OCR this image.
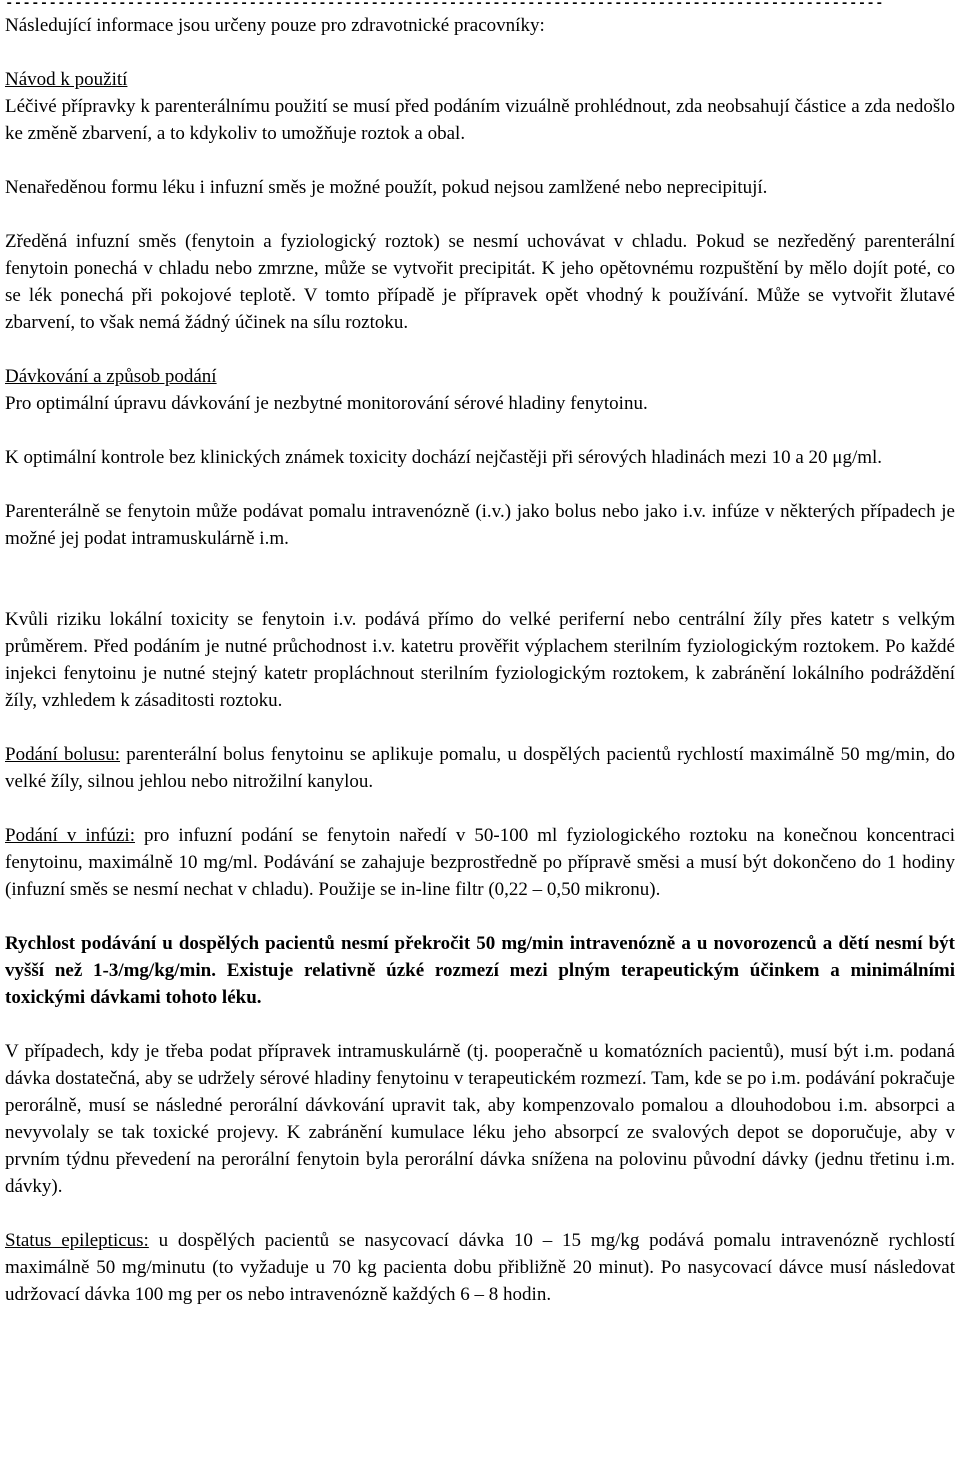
Následující informace jsou určeny pouze pro zdravotnické pracovníky:

Návod k použití

Léčivé přípravky k parenterálnímu použití se musí před podáním vizuálně prohlédnout, zda neobsahují částice a zda nedošlo ke změně zbarvení, a to kdykoliv to umožňuje roztok a obal.

Nenaředěnou formu léku i infuzní směs je možné použít, pokud nejsou zamlžené nebo neprecipitují.

Zředěná infuzní směs (fenytoin a fyziologický roztok) se nesmí uchovávat v chladu. Pokud se nezředěný parenterální fenytoin ponechá v chladu nebo zmrzne, může se vytvořit precipitát. K jeho opětovnému rozpuštění by mělo dojít poté, co se lék ponechá při pokojové teplotě. V tomto případě je přípravek opět vhodný k používání. Může se vytvořit žlutavé zbarvení, to však nemá žádný účinek na sílu roztoku.

Dávkování a způsob podání

Pro optimální úpravu dávkování je nezbytné monitorování sérové hladiny fenytoinu.

K optimální kontrole bez klinických známek toxicity dochází nejčastěji při sérových hladinách mezi 10 a 20 μg/ml.

Parenterálně se fenytoin může podávat pomalu intravenózně (i.v.) jako bolus nebo jako i.v. infúze v některých případech je možné jej podat intramuskulárně i.m.

Kvůli riziku lokální toxicity se fenytoin i.v. podává přímo do velké periferní nebo centrální žíly přes katetr s velkým průměrem. Před podáním je nutné průchodnost i.v. katetru prověřit výplachem sterilním fyziologickým roztokem. Po každé injekci fenytoinu je nutné stejný katetr propláchnout sterilním fyziologickým roztokem, k zabránění lokálního podráždění žíly, vzhledem k zásaditosti roztoku.

Podání bolusu: parenterální bolus fenytoinu se aplikuje pomalu, u dospělých pacientů rychlostí maximálně 50 mg/min, do velké žíly, silnou jehlou nebo nitrožilní kanylou.

Podání v infúzi: pro infuzní podání se fenytoin naředí v 50-100 ml fyziologického roztoku na konečnou koncentraci fenytoinu, maximálně 10 mg/ml. Podávání se zahajuje bezprostředně po přípravě směsi a musí být dokončeno do 1 hodiny (infuzní směs se nesmí nechat v chladu). Použije se in-line filtr (0,22 – 0,50 mikronu).

Rychlost podávání u dospělých pacientů nesmí překročit 50 mg/min intravenózně a u novorozenců a dětí nesmí být vyšší než 1-3/mg/kg/min. Existuje relativně úzké rozmezí mezi plným terapeutickým účinkem a minimálními toxickými dávkami tohoto léku.

V případech, kdy je třeba podat přípravek intramuskulárně (tj. pooperačně u komatózních pacientů), musí být i.m. podaná dávka dostatečná, aby se udržely sérové hladiny fenytoinu v terapeutickém rozmezí. Tam, kde se po i.m. podávání pokračuje perorálně, musí se následné perorální dávkování upravit tak, aby kompenzovalo pomalou a dlouhodobou i.m. absorpci a nevyvolaly se tak toxické projevy. K zabránění kumulace léku jeho absorpcí ze svalových depot se doporučuje, aby v prvním týdnu převedení na perorální fenytoin byla perorální dávka snížena na polovinu původní dávky (jednu třetinu i.m. dávky).

Status epilepticus: u dospělých pacientů se nasycovací dávka 10 – 15 mg/kg podává pomalu intravenózně rychlostí maximálně 50 mg/minutu (to vyžaduje u 70 kg pacienta dobu přibližně 20 minut). Po nasycovací dávce musí následovat udržovací dávka 100 mg per os nebo intravenózně každých 6 – 8 hodin.
